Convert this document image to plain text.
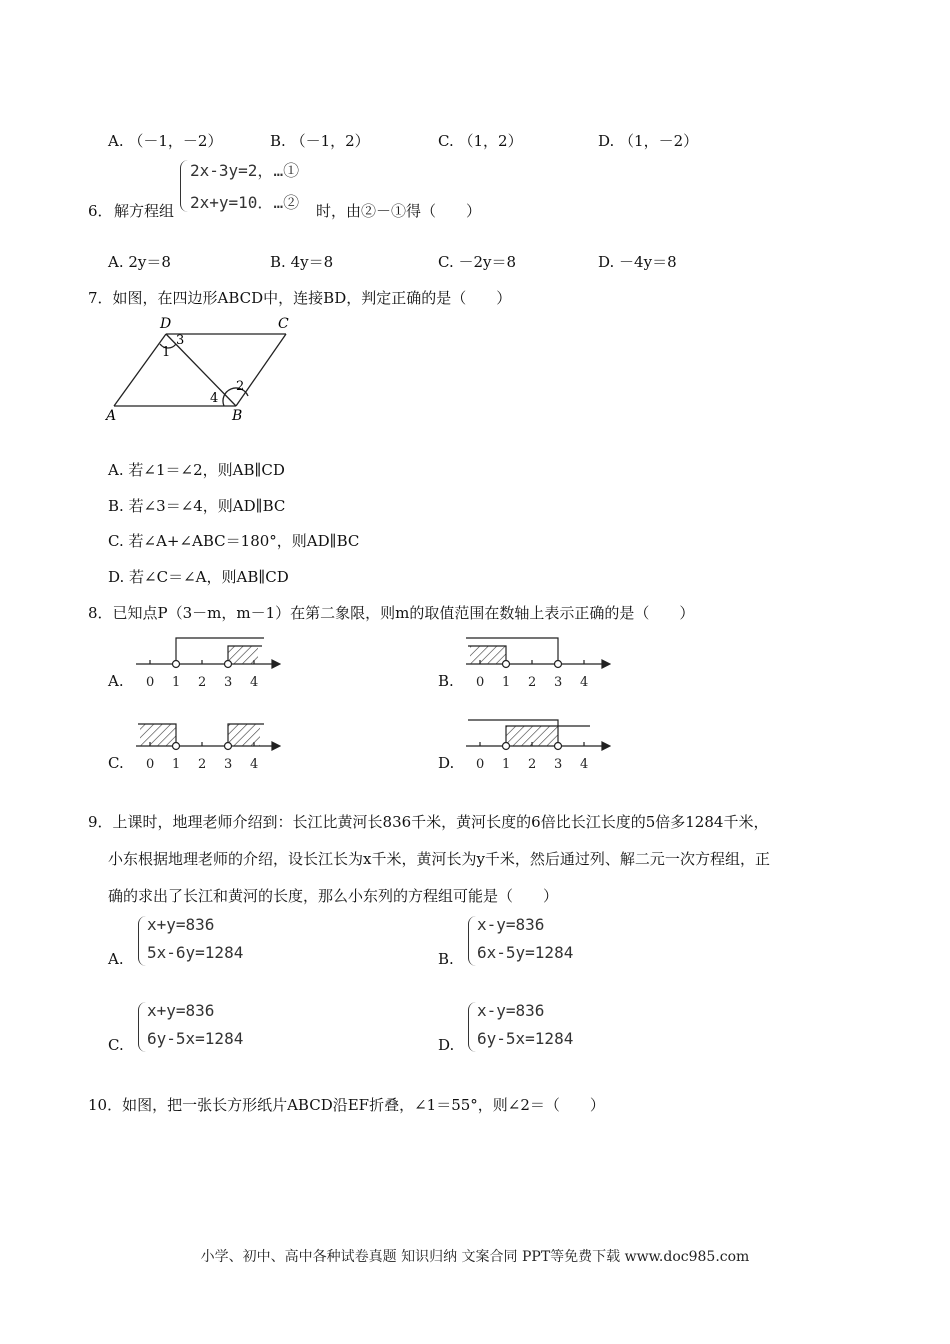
A. （－1，－2）	B. （－1，2）	C. （1，2）	D. （1，－2）
6． 解方程组
2x-3y=2，…①
2x+y=10．…② 时，由②－①得（　　）
A. 2y＝8	B. 4y＝8	C. －2y＝8	D. －4y＝8
7．如图，在四边形ABCD中，连接BD，判定正确的是（　　）
D	C
A	B
1
3
2
4
A. 若∠1＝∠2，则AB∥CD
B. 若∠3＝∠4，则AD∥BC
C. 若∠A+∠ABC＝180°，则AD∥BC
D. 若∠C＝∠A，则AB∥CD
8．已知点P（3－m，m－1）在第二象限，则m的取值范围在数轴上表示正确的是（　　）
A. 0 1 2 3 4	B. 0 1 2 3 4
C. 0 1 2 3 4	D. 0 1 2 3 4
9．上课时，地理老师介绍到：长江比黄河长836千米，黄河长度的6倍比长江长度的5倍多1284千米，
小东根据地理老师的介绍，设长江长为x千米，黄河长为y千米，然后通过列、解二元一次方程组，正
确的求出了长江和黄河的长度，那么小东列的方程组可能是（　　）
A.
x+y=836
5x-6y=1284	B.
x-y=836
6x-5y=1284
C.
x+y=836
6y-5x=1284	D.
x-y=836
6y-5x=1284
10．如图，把一张长方形纸片ABCD沿EF折叠，∠1＝55°，则∠2＝（　　）
小学、初中、高中各种试卷真题 知识归纳 文案合同 PPT等免费下载 www.doc985.com
